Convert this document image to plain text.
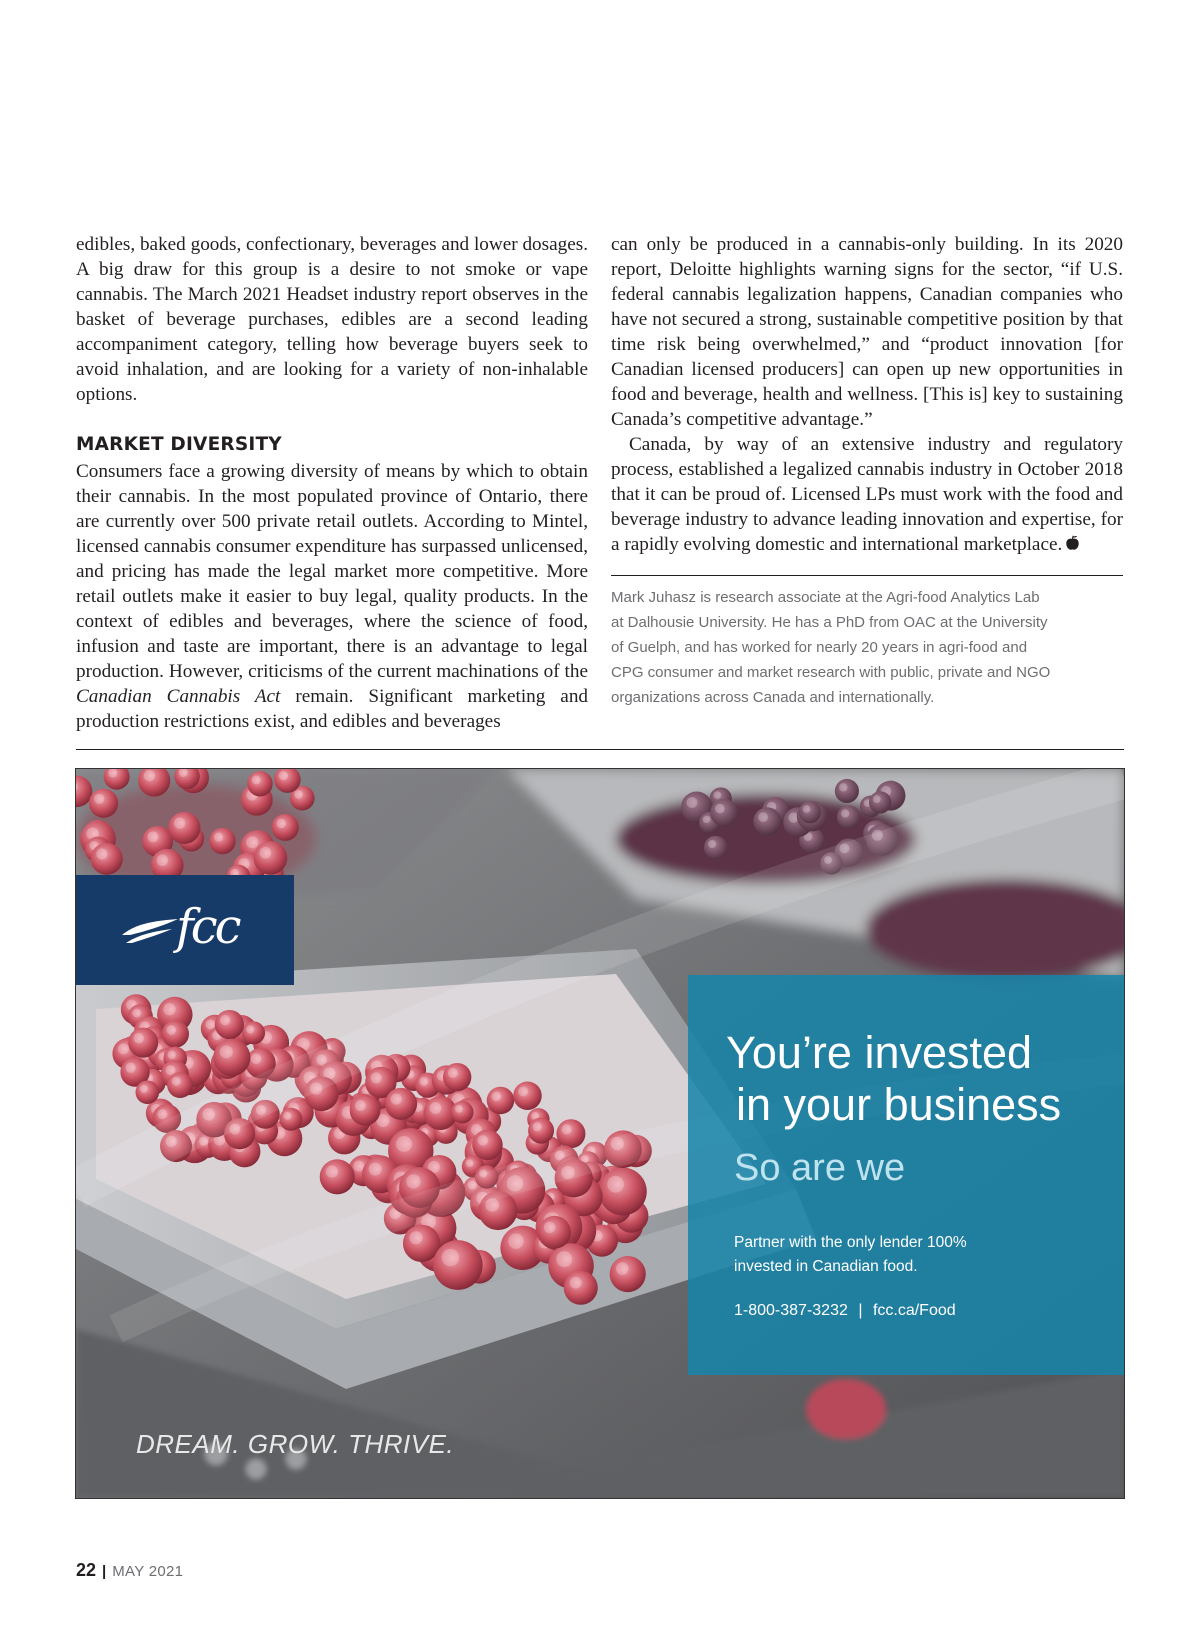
edibles, baked goods, confectionary, beverages and lower dosages. A big draw for this group is a desire to not smoke or vape cannabis. The March 2021 Headset industry report observes in the basket of beverage purchases, edibles are a second leading accompaniment category, telling how beverage buyers seek to avoid inhalation, and are looking for a variety of non-inhalable options.

MARKET DIVERSITY

Consumers face a growing diversity of means by which to obtain their cannabis. In the most populated province of Ontario, there are currently over 500 private retail outlets. According to Mintel, licensed cannabis consumer expenditure has surpassed unlicensed, and pricing has made the legal market more competitive. More retail outlets make it easier to buy legal, quality products. In the context of edibles and beverages, where the science of food, infusion and taste are important, there is an advantage to legal production. However, criticisms of the current machinations of the Canadian Cannabis Act remain. Significant marketing and production restrictions exist, and edibles and beverages

can only be produced in a cannabis-only building. In its 2020 report, Deloitte highlights warning signs for the sector, “if U.S. federal cannabis legalization happens, Canadian companies who have not secured a strong, sustainable competitive position by that time risk being overwhelmed,” and “product innovation [for Canadian licensed producers] can open up new opportunities in food and beverage, health and wellness. [This is] key to sustaining Canada’s competitive advantage.”

Canada, by way of an extensive industry and regulatory process, established a legalized cannabis industry in October 2018 that it can be proud of. Licensed LPs must work with the food and beverage industry to advance leading innovation and expertise, for a rapidly evolving domestic and international marketplace.

Mark Juhasz is research associate at the Agri-food Analytics Lab
at Dalhousie University. He has a PhD from OAC at the University
of Guelph, and has worked for nearly 20 years in agri-food and
CPG consumer and market research with public, private and NGO
organizations across Canada and internationally.
fcc
You’re invested
in your business
So are we
Partner with the only lender 100%
invested in Canadian food.
1-800-387-3232 | fcc.ca/Food
DREAM. GROW. THRIVE.
22 | MAY 2021
